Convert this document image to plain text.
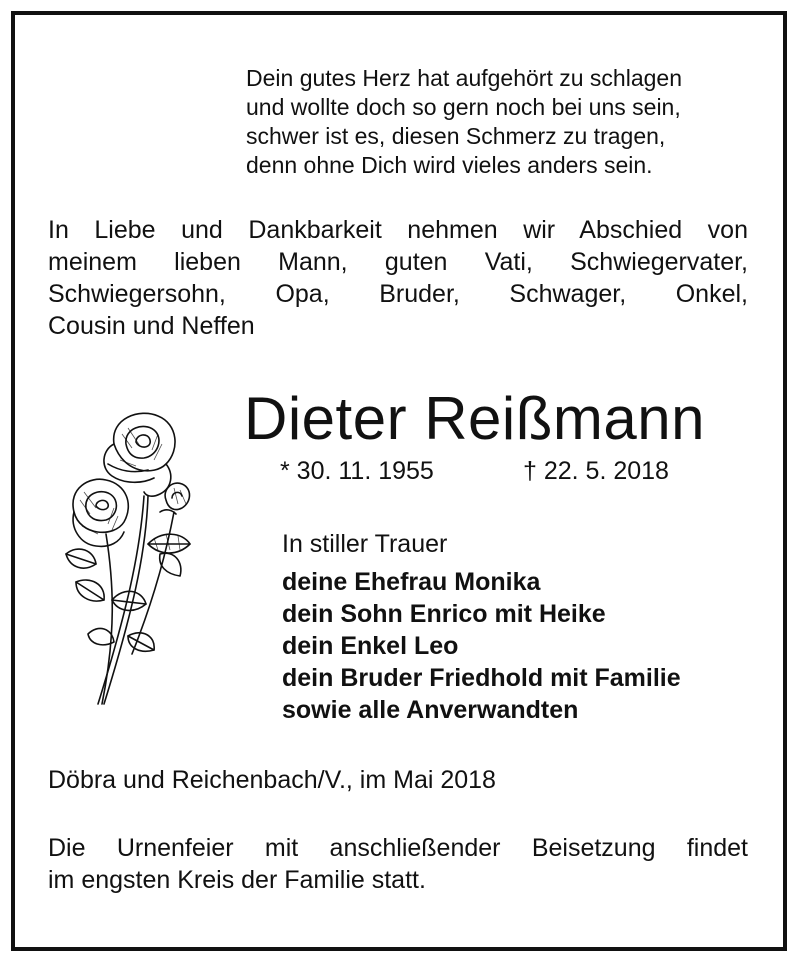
Dein gutes Herz hat aufgehört zu schlagen
und wollte doch so gern noch bei uns sein,
schwer ist es, diesen Schmerz zu tragen,
denn ohne Dich wird vieles anders sein.
In Liebe und Dankbarkeit nehmen wir Abschied von
meinem lieben Mann, guten Vati, Schwiegervater,
Schwiegersohn, Opa, Bruder, Schwager, Onkel,
Cousin und Neffen
Dieter Reißmann
* 30. 11. 1955	† 22. 5. 2018
In stiller Trauer
deine Ehefrau Monika
dein Sohn Enrico mit Heike
dein Enkel Leo
dein Bruder Friedhold mit Familie
sowie alle Anverwandten
Döbra und Reichenbach/V., im Mai 2018
Die Urnenfeier mit anschließender Beisetzung findet
im engsten Kreis der Familie statt.
